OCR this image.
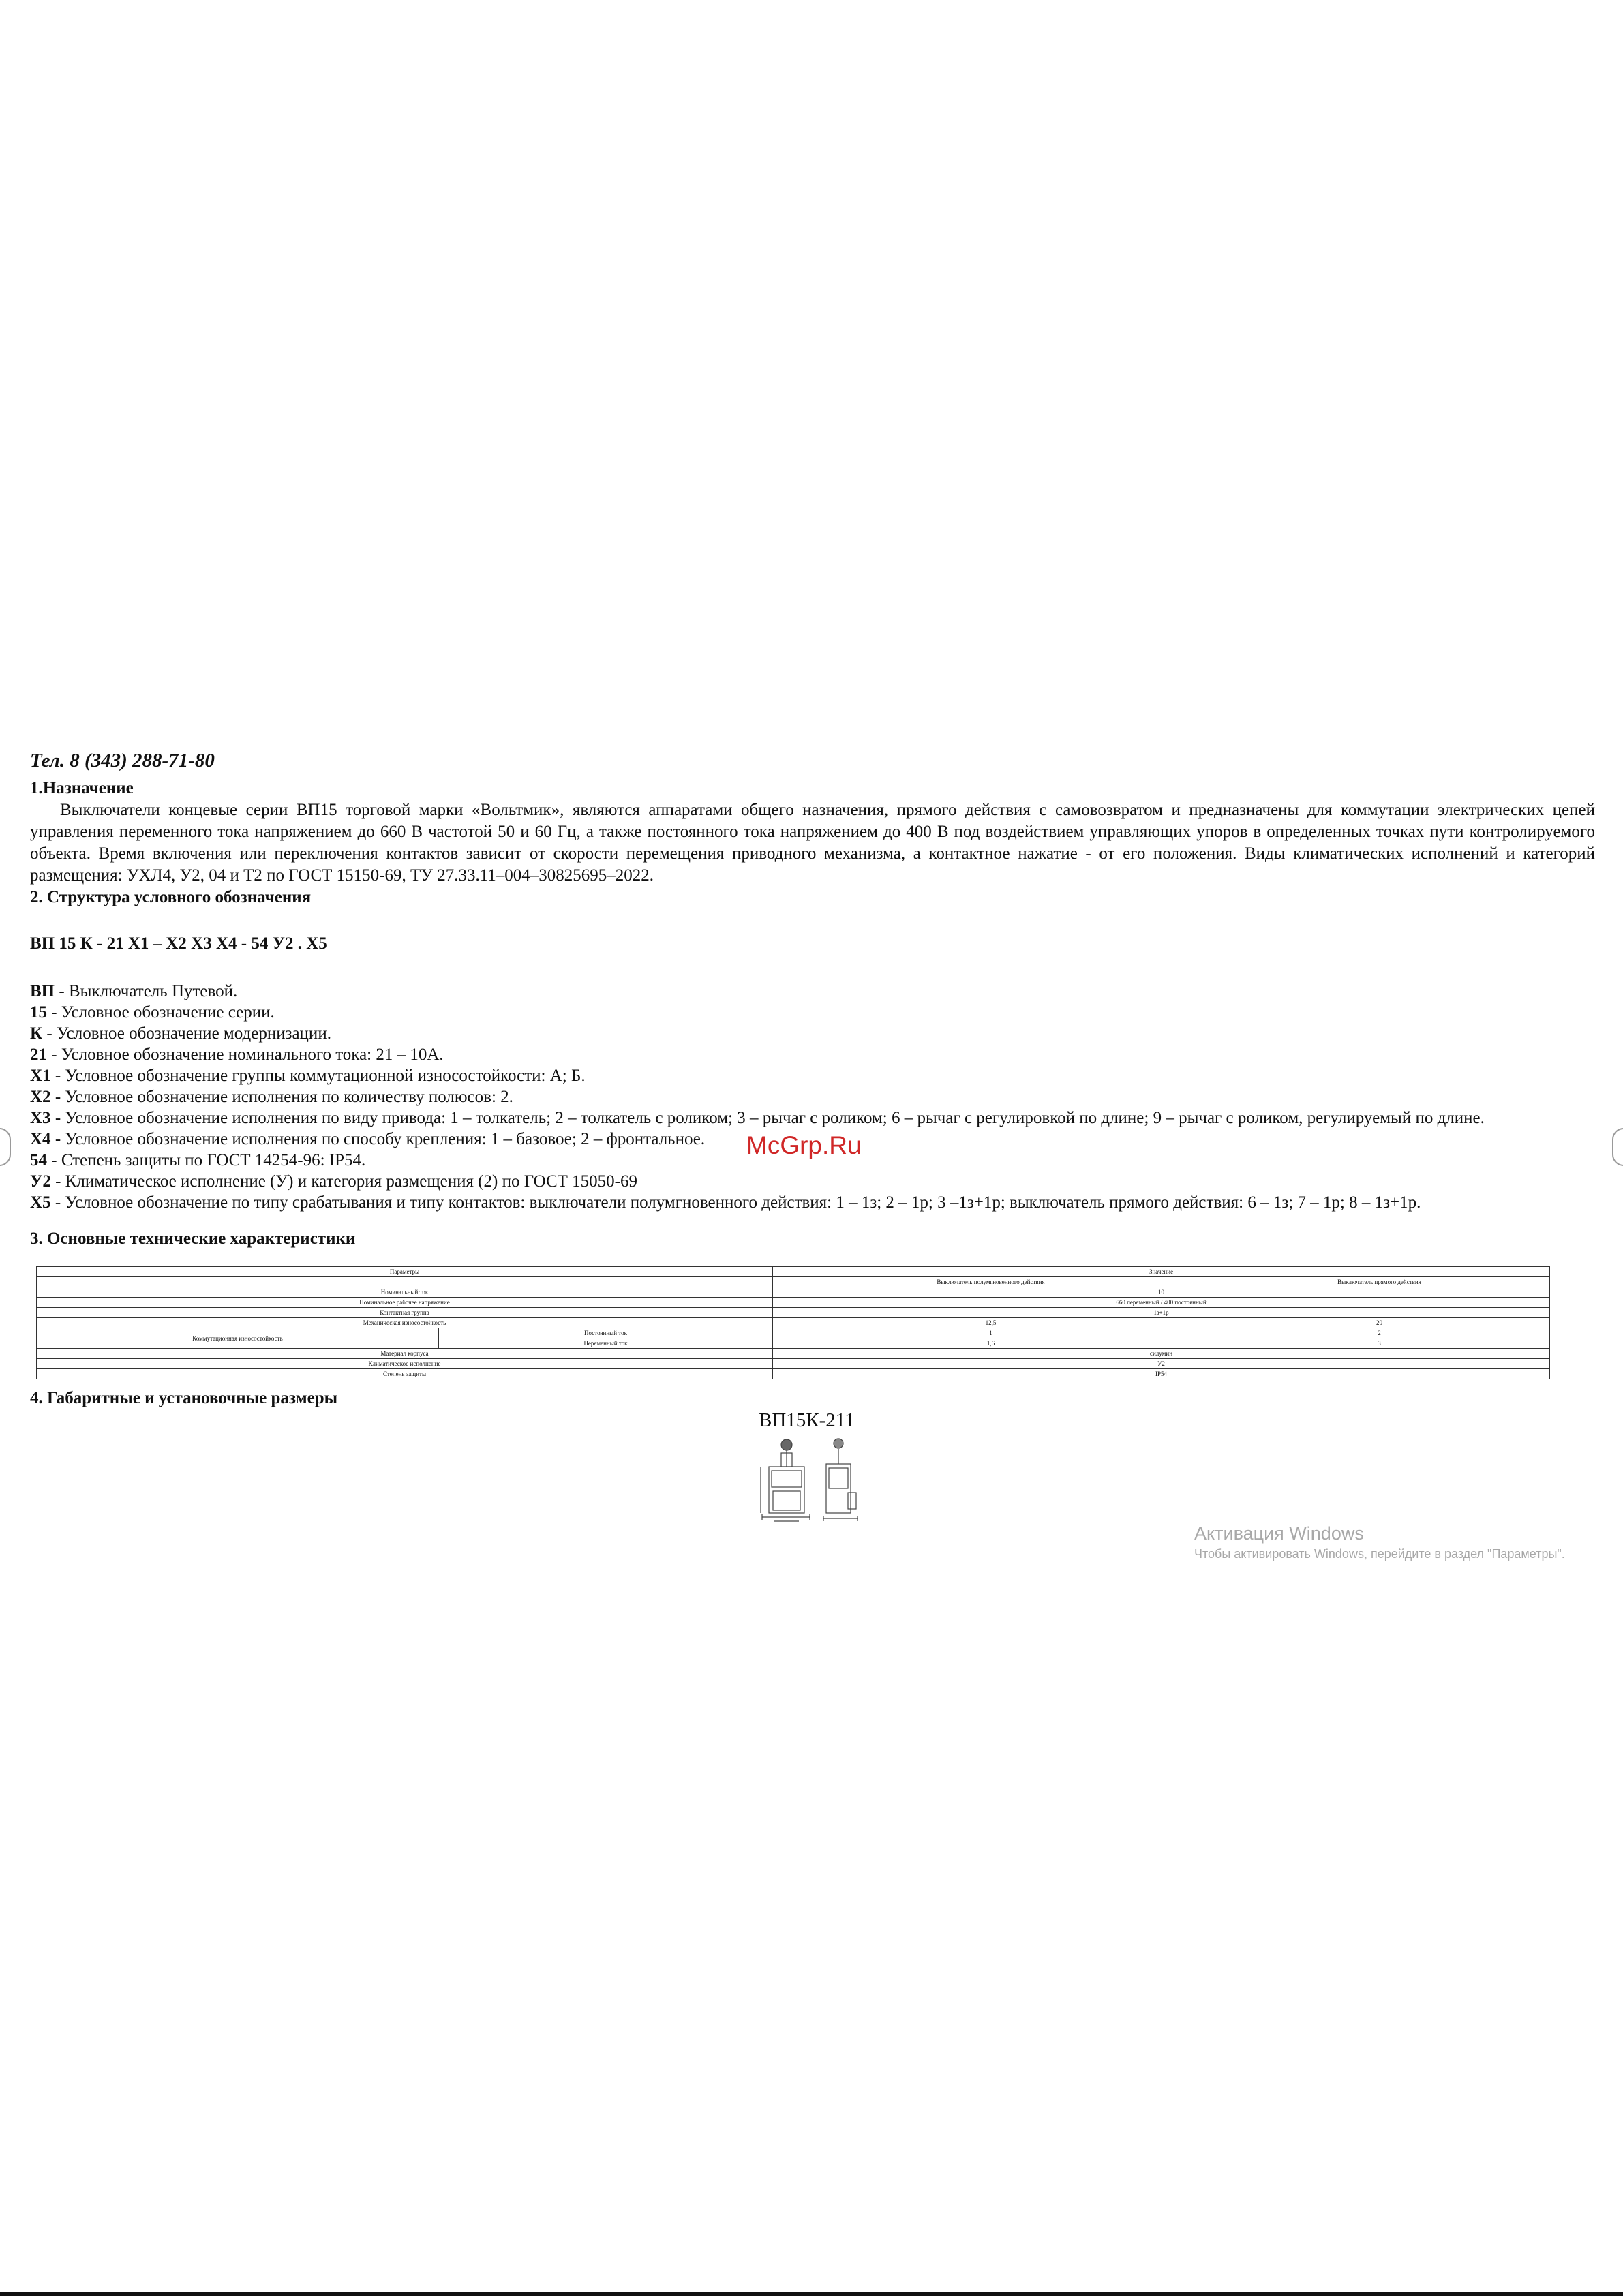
Тел. 8 (343) 288-71-80
1.Назначение

Выключатели концевые серии ВП15 торговой марки «Вольтмик», являются аппаратами общего назначения, прямого действия с самовозвратом и предназначены для коммутации электрических цепей управления переменного тока напряжением до 660 В частотой 50 и 60 Гц, а также постоянного тока напряжением до 400 В под воздействием управляющих упоров в определенных точках пути контролируемого объекта. Время включения или переключения контактов зависит от скорости перемещения приводного механизма, а контактное нажатие - от его положения. Виды климатических исполнений и категорий размещения: УХЛ4, У2, 04 и Т2 по ГОСТ 15150-69, ТУ 27.33.11–004–30825695–2022.

2. Структура условного обозначения
ВП 15 К - 21 Х1 – Х2 Х3 Х4 - 54 У2 . Х5
ВП - Выключатель Путевой.
15 - Условное обозначение серии.
К - Условное обозначение модернизации.
21 - Условное обозначение номинального тока: 21 – 10А.
Х1 - Условное обозначение группы коммутационной износостойкости: А; Б.
Х2 - Условное обозначение исполнения по количеству полюсов: 2.
Х3 - Условное обозначение исполнения по виду привода: 1 – толкатель; 2 – толкатель с роликом; 3 – рычаг с роликом; 6 – рычаг с регулировкой по длине; 9 – рычаг с роликом, регулируемый по длине.
Х4 - Условное обозначение исполнения по способу крепления: 1 – базовое; 2 – фронтальное.
54 - Степень защиты по ГОСТ 14254-96: IP54.
У2 - Климатическое исполнение (У) и категория размещения (2) по ГОСТ 15050-69
Х5 - Условное обозначение по типу срабатывания и типу контактов: выключатели полумгновенного действия: 1 – 1з; 2 – 1р; 3 –1з+1р; выключатель прямого действия: 6 – 1з; 7 – 1р; 8 – 1з+1р.
3. Основные технические характеристики
Параметры		Значение	
		Выключатель полумгновенного действия	Выключатель прямого действия
Номинальный ток		10	
Номинальное рабочее напряжение		660 переменный / 400 постоянный	
Контактная группа		1з+1р	
Механическая износостойкость		12,5	20
Коммутационная износостойкость	Постоянный ток	1	2
	Переменный ток	1,6	3
Материал корпуса		силумин	
Климатическое исполнение		У2	
Степень защиты		IP54	
4. Габаритные и установочные размеры
ВП15К-211
McGrp.Ru
Активация Windows
Чтобы активировать Windows, перейдите в раздел "Параметры".
